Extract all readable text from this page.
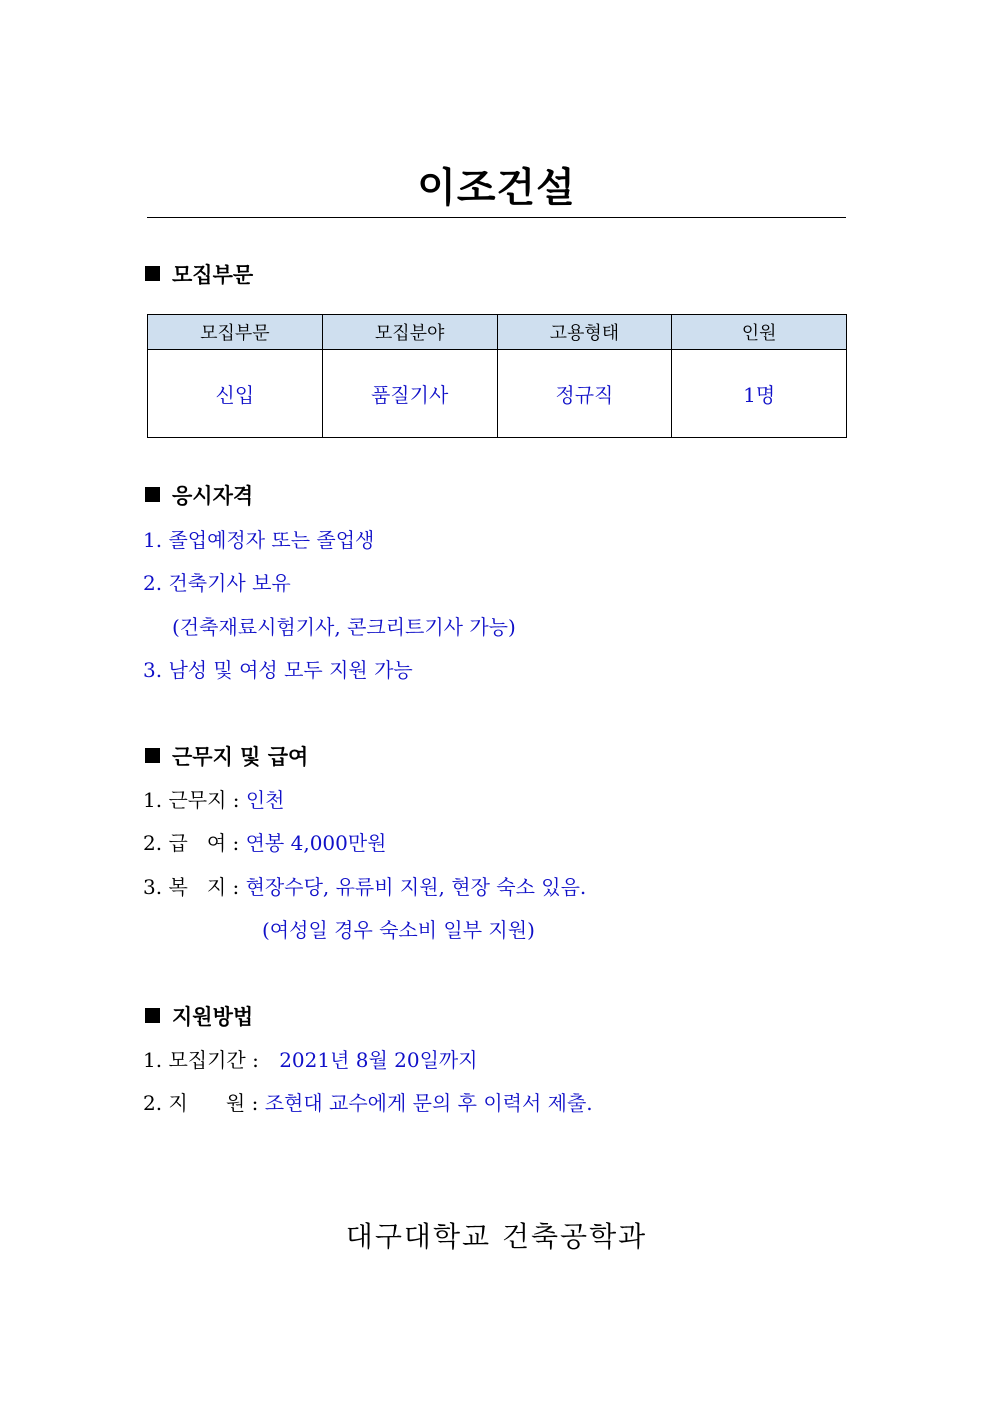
이조건설
모집부문
모집부문	모집분야	고용형태	인원
신입	품질기사	정규직	1명
응시자격
1. 졸업예정자 또는 졸업생
2. 건축기사 보유
(건축재료시험기사, 콘크리트기사 가능)
3. 남성 및 여성 모두 지원 가능
근무지 및 급여
1. 근무지 : 인천
2. 급   여 : 연봉 4,000만원
3. 복   지 : 현장수당, 유류비 지원, 현장 숙소 있음.
(여성일 경우 숙소비 일부 지원)
지원방법
1. 모집기간 : 2021년 8월 20일까지
2. 지      원 : 조현대 교수에게 문의 후 이력서 제출.
대구대학교 건축공학과
